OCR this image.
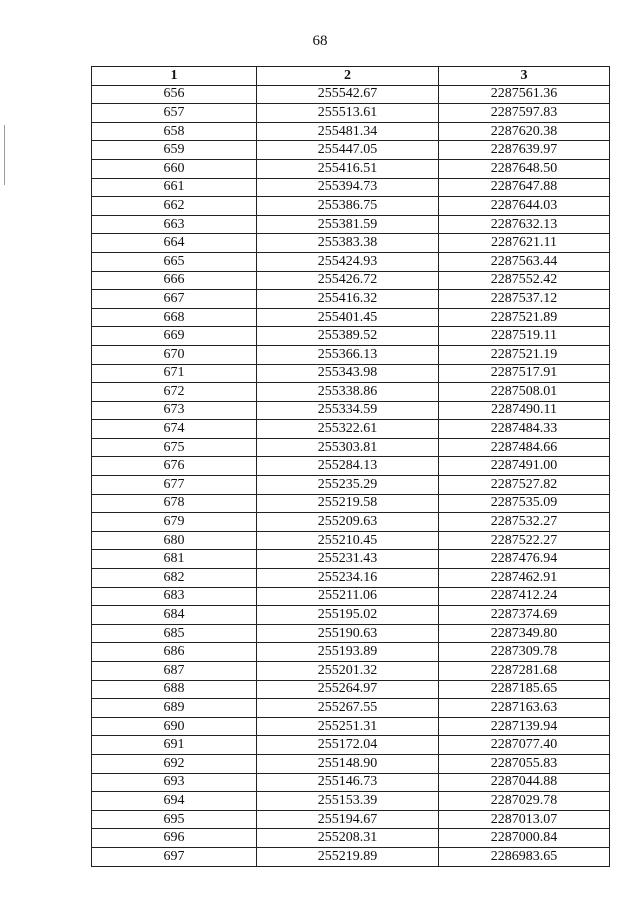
68
1	2	3
656	255542.67	2287561.36
657	255513.61	2287597.83
658	255481.34	2287620.38
659	255447.05	2287639.97
660	255416.51	2287648.50
661	255394.73	2287647.88
662	255386.75	2287644.03
663	255381.59	2287632.13
664	255383.38	2287621.11
665	255424.93	2287563.44
666	255426.72	2287552.42
667	255416.32	2287537.12
668	255401.45	2287521.89
669	255389.52	2287519.11
670	255366.13	2287521.19
671	255343.98	2287517.91
672	255338.86	2287508.01
673	255334.59	2287490.11
674	255322.61	2287484.33
675	255303.81	2287484.66
676	255284.13	2287491.00
677	255235.29	2287527.82
678	255219.58	2287535.09
679	255209.63	2287532.27
680	255210.45	2287522.27
681	255231.43	2287476.94
682	255234.16	2287462.91
683	255211.06	2287412.24
684	255195.02	2287374.69
685	255190.63	2287349.80
686	255193.89	2287309.78
687	255201.32	2287281.68
688	255264.97	2287185.65
689	255267.55	2287163.63
690	255251.31	2287139.94
691	255172.04	2287077.40
692	255148.90	2287055.83
693	255146.73	2287044.88
694	255153.39	2287029.78
695	255194.67	2287013.07
696	255208.31	2287000.84
697	255219.89	2286983.65
